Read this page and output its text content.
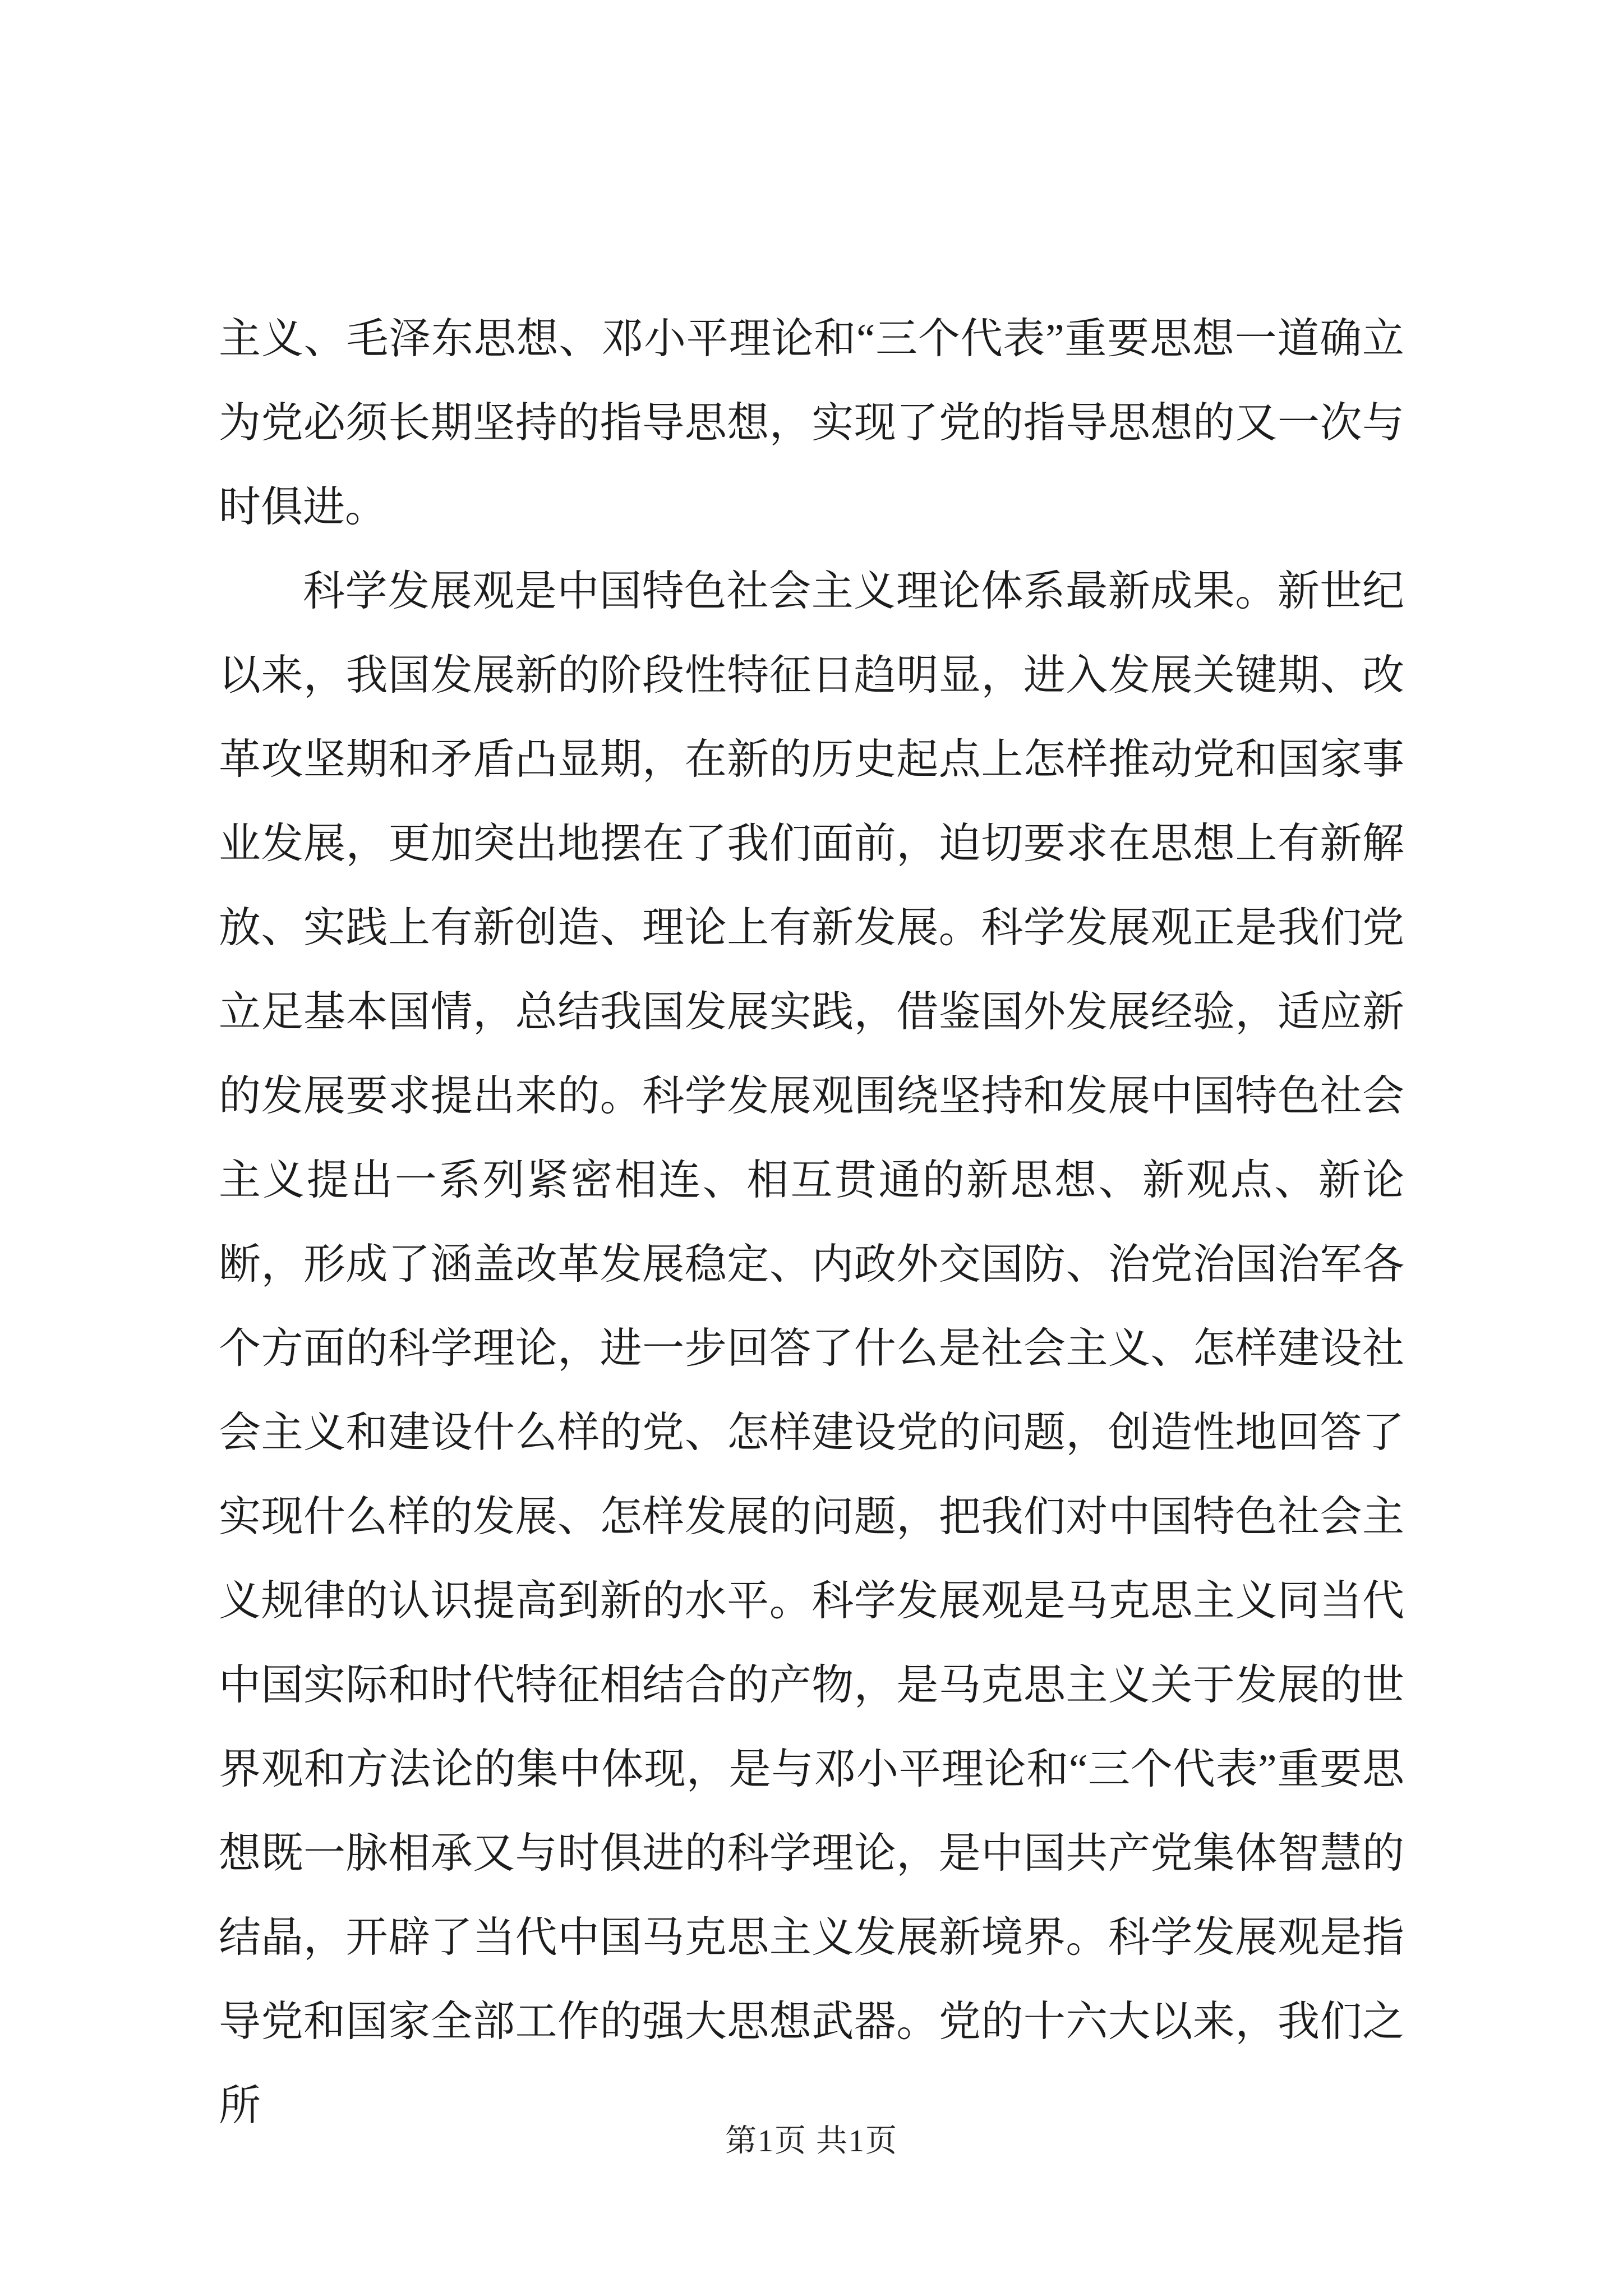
主义、毛泽东思想、邓小平理论和“三个代表”重要思想一道确立为党必须长期坚持的指导思想，实现了党的指导思想的又一次与时俱进。

科学发展观是中国特色社会主义理论体系最新成果。新世纪以来，我国发展新的阶段性特征日趋明显，进入发展关键期、改革攻坚期和矛盾凸显期，在新的历史起点上怎样推动党和国家事业发展，更加突出地摆在了我们面前，迫切要求在思想上有新解放、实践上有新创造、理论上有新发展。科学发展观正是我们党立足基本国情，总结我国发展实践，借鉴国外发展经验，适应新的发展要求提出来的。科学发展观围绕坚持和发展中国特色社会主义提出一系列紧密相连、相互贯通的新思想、新观点、新论断，形成了涵盖改革发展稳定、内政外交国防、治党治国治军各个方面的科学理论，进一步回答了什么是社会主义、怎样建设社会主义和建设什么样的党、怎样建设党的问题，创造性地回答了实现什么样的发展、怎样发展的问题，把我们对中国特色社会主义规律的认识提高到新的水平。科学发展观是马克思主义同当代中国实际和时代特征相结合的产物，是马克思主义关于发展的世界观和方法论的集中体现，是与邓小平理论和“三个代表”重要思想既一脉相承又与时俱进的科学理论，是中国共产党集体智慧的结晶，开辟了当代中国马克思主义发展新境界。科学发展观是指导党和国家全部工作的强大思想武器。党的十六大以来，我们之所

第1页 共1页
